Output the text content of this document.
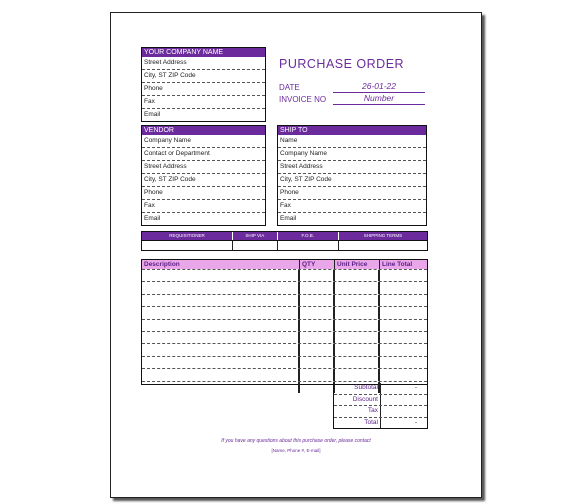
YOUR COMPANY NAME
Street Address
City, ST ZIP Code
Phone
Fax
Email
PURCHASE ORDER
DATE	26-01-22
INVOICE NO	Number
VENDOR
Company Name
Contact or Department
Street Address
City, ST ZIP Code
Phone
Fax
Email
SHIP TO
Name
Company Name
Street Address
City, ST ZIP Code
Phone
Fax
Email
REQUISITIONER	SHIP VIA	F.O.B.	SHIPPING TERMS
Description	QTY	Unit Price	Line Total
Subtotal	-
Discount
Tax
Total	-
If you have any questions about this purchase order, please contact
[Name, Phone #, E-mail]
